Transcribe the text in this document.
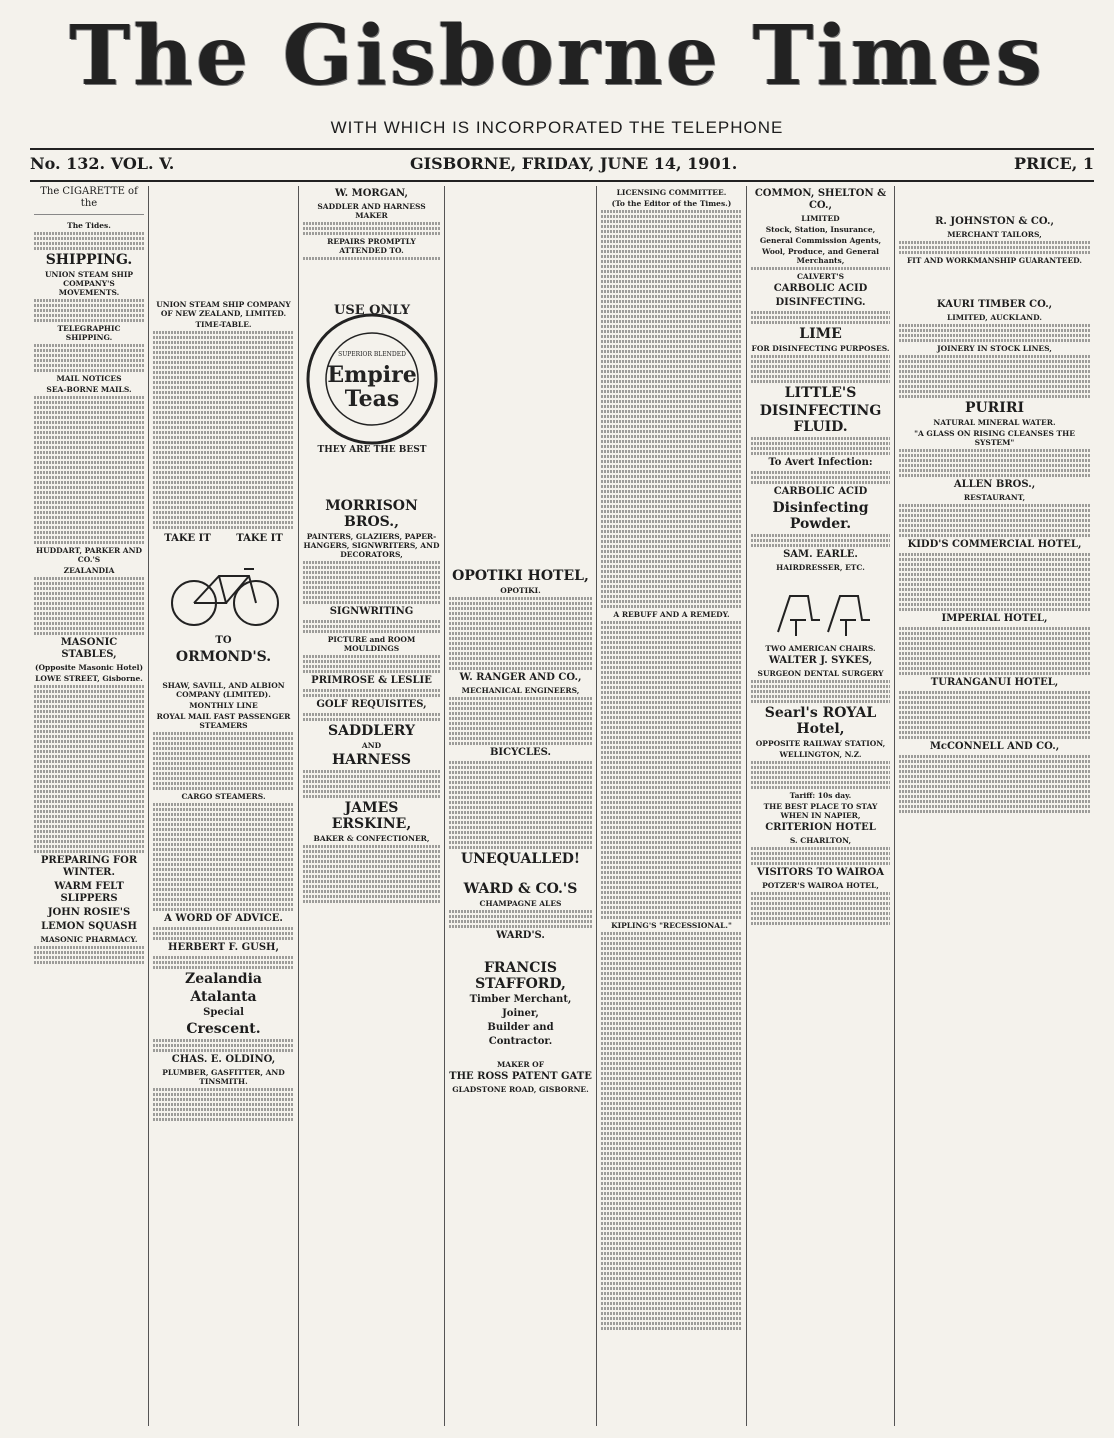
The Gisborne Times
WITH WHICH IS INCORPORATED THE TELEPHONE
No. 132. VOL. V.	GISBORNE, FRIDAY, JUNE 14, 1901.	PRICE, 1
The CIGARETTE of the
The Tides.
SHIPPING.
UNION STEAM SHIP COMPANY'S MOVEMENTS.
TELEGRAPHIC SHIPPING.
MAIL NOTICES
SEA-BORNE MAILS.
HUDDART, PARKER AND CO.'S
ZEALANDIA
MASONIC STABLES,
(Opposite Masonic Hotel)
LOWE STREET, Gisborne.
PREPARING FOR WINTER.
WARM FELT SLIPPERS
JOHN ROSIE'S
LEMON SQUASH
MASONIC PHARMACY.
UNION STEAM SHIP COMPANY OF NEW ZEALAND, LIMITED.
TIME-TABLE.
TAKE IT	TAKE IT
TO
ORMOND'S.
SHAW, SAVILL, AND ALBION COMPANY (LIMITED).
MONTHLY LINE
ROYAL MAIL FAST PASSENGER STEAMERS
CARGO STEAMERS.
A WORD OF ADVICE.
HERBERT F. GUSH,
Zealandia
Atalanta
Special
Crescent.
CHAS. E. OLDINO,
PLUMBER, GASFITTER, AND TINSMITH.
W. MORGAN,
SADDLER AND HARNESS MAKER
REPAIRS PROMPTLY ATTENDED TO.
USE ONLY
SUPERIOR BLENDED
Empire
Teas
THEY ARE THE BEST
MORRISON BROS.,
PAINTERS, GLAZIERS, PAPER-HANGERS, SIGNWRITERS, AND DECORATORS,
SIGNWRITING
PICTURE and ROOM MOULDINGS
PRIMROSE & LESLIE
GOLF REQUISITES,
SADDLERY
AND
HARNESS
JAMES ERSKINE,
BAKER & CONFECTIONER,
OPOTIKI HOTEL,
OPOTIKI.
W. RANGER AND CO.,
MECHANICAL ENGINEERS,
BICYCLES.
UNEQUALLED!
WARD & CO.'S
CHAMPAGNE ALES
WARD'S.
FRANCIS STAFFORD,
Timber Merchant,
Joiner,
Builder and
Contractor.
MAKER OF
THE ROSS PATENT GATE
GLADSTONE ROAD, GISBORNE.
LICENSING COMMITTEE.
(To the Editor of the Times.)
A REBUFF AND A REMEDY.
KIPLING'S "RECESSIONAL."
COMMON, SHELTON & CO.,
LIMITED
Stock, Station, Insurance,
General Commission Agents,
Wool, Produce, and General Merchants,
CALVERT'S
CARBOLIC ACID
DISINFECTING.
LIME
FOR DISINFECTING PURPOSES.
LITTLE'S
DISINFECTING FLUID.
To Avert Infection:
CARBOLIC ACID
Disinfecting Powder.
SAM. EARLE.
HAIRDRESSER, ETC.
TWO AMERICAN CHAIRS.
WALTER J. SYKES,
SURGEON DENTAL SURGERY
Searl's ROYAL Hotel,
OPPOSITE RAILWAY STATION,
WELLINGTON, N.Z.
Tariff: 10s day.
THE BEST PLACE TO STAY WHEN IN NAPIER,
CRITERION HOTEL
S. CHARLTON,
VISITORS TO WAIROA
POTZER'S WAIROA HOTEL,
R. JOHNSTON & CO.,
MERCHANT TAILORS,
FIT AND WORKMANSHIP GUARANTEED.
KAURI TIMBER CO.,
LIMITED, AUCKLAND.
JOINERY IN STOCK LINES,
PURIRI
NATURAL MINERAL WATER.
"A GLASS ON RISING CLEANSES THE SYSTEM"
ALLEN BROS.,
RESTAURANT,
KIDD'S COMMERCIAL HOTEL,
IMPERIAL HOTEL,
TURANGANUI HOTEL,
McCONNELL AND CO.,
